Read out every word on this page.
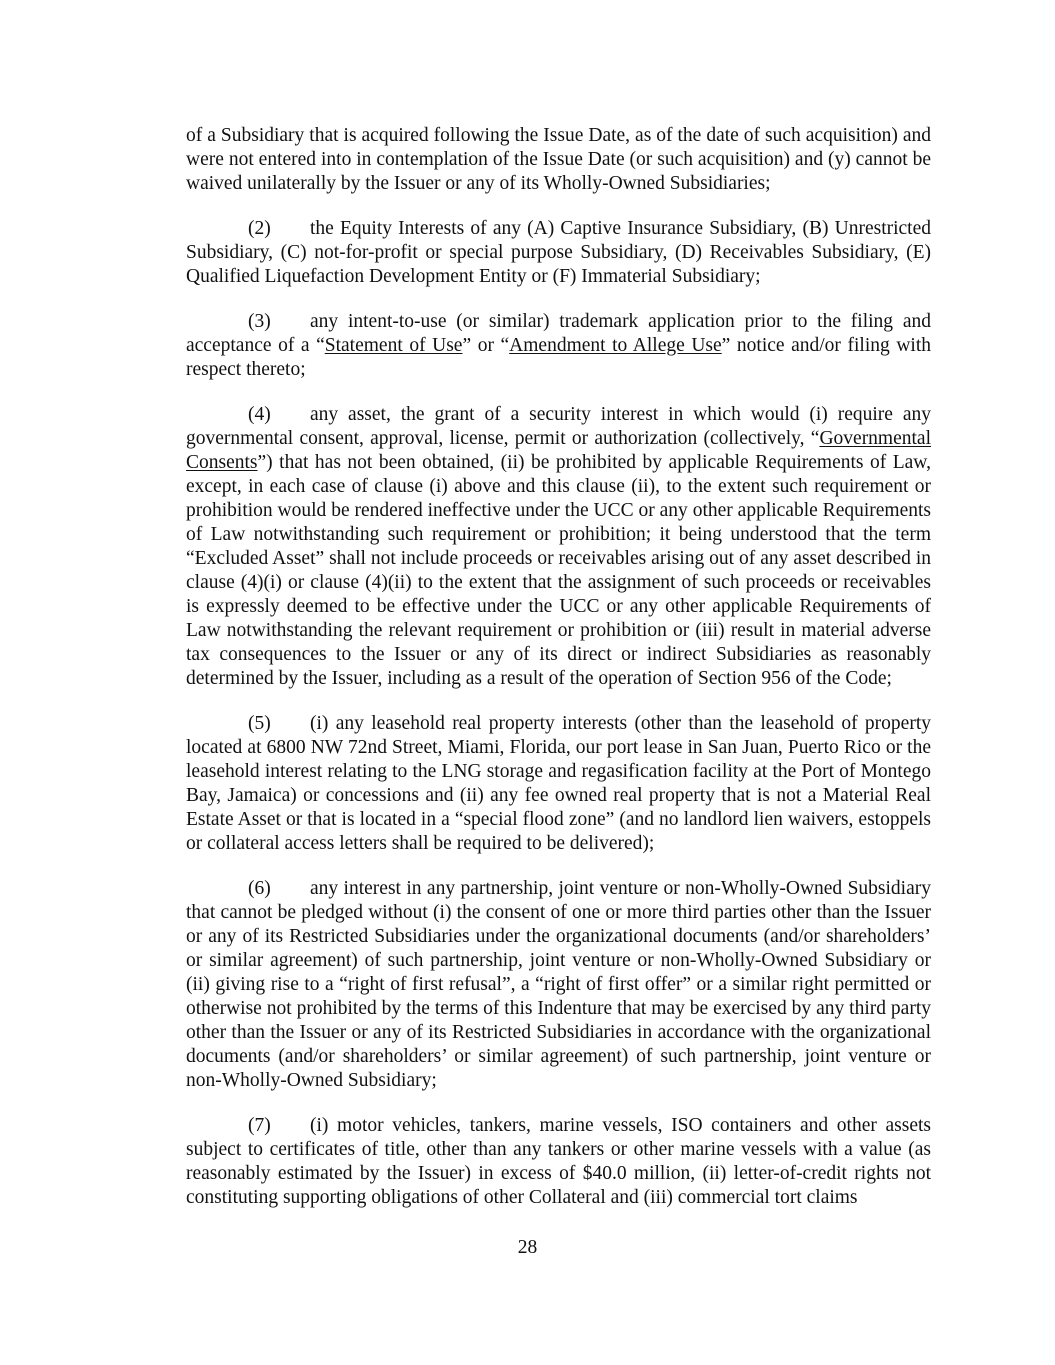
of a Subsidiary that is acquired following the Issue Date, as of the date of such acquisition) and were not entered into in contemplation of the Issue Date (or such acquisition) and (y) cannot be waived unilaterally by the Issuer or any of its Wholly-Owned Subsidiaries;

(2) the Equity Interests of any (A) Captive Insurance Subsidiary, (B) Unrestricted Subsidiary, (C) not-for-profit or special purpose Subsidiary, (D) Receivables Subsidiary, (E) Qualified Liquefaction Development Entity or (F) Immaterial Subsidiary;

(3) any intent-to-use (or similar) trademark application prior to the filing and acceptance of a “Statement of Use” or “Amendment to Allege Use” notice and/or filing with respect thereto;

(4) any asset, the grant of a security interest in which would (i) require any governmental consent, approval, license, permit or authorization (collectively, “Governmental Consents”) that has not been obtained, (ii) be prohibited by applicable Requirements of Law, except, in each case of clause (i) above and this clause (ii), to the extent such requirement or prohibition would be rendered ineffective under the UCC or any other applicable Requirements of Law notwithstanding such requirement or prohibition; it being understood that the term “Excluded Asset” shall not include proceeds or receivables arising out of any asset described in clause (4)(i) or clause (4)(ii) to the extent that the assignment of such proceeds or receivables is expressly deemed to be effective under the UCC or any other applicable Requirements of Law notwithstanding the relevant requirement or prohibition or (iii) result in material adverse tax consequences to the Issuer or any of its direct or indirect Subsidiaries as reasonably determined by the Issuer, including as a result of the operation of Section 956 of the Code;

(5) (i) any leasehold real property interests (other than the leasehold of property located at 6800 NW 72nd Street, Miami, Florida, our port lease in San Juan, Puerto Rico or the leasehold interest relating to the LNG storage and regasification facility at the Port of Montego Bay, Jamaica) or concessions and (ii) any fee owned real property that is not a Material Real Estate Asset or that is located in a “special flood zone” (and no landlord lien waivers, estoppels or collateral access letters shall be required to be delivered);

(6) any interest in any partnership, joint venture or non-Wholly-Owned Subsidiary that cannot be pledged without (i) the consent of one or more third parties other than the Issuer or any of its Restricted Subsidiaries under the organizational documents (and/or shareholders’ or similar agreement) of such partnership, joint venture or non-Wholly-Owned Subsidiary or (ii) giving rise to a “right of first refusal”, a “right of first offer” or a similar right permitted or otherwise not prohibited by the terms of this Indenture that may be exercised by any third party other than the Issuer or any of its Restricted Subsidiaries in accordance with the organizational documents (and/or shareholders’ or similar agreement) of such partnership, joint venture or non-Wholly-Owned Subsidiary;

(7) (i) motor vehicles, tankers, marine vessels, ISO containers and other assets subject to certificates of title, other than any tankers or other marine vessels with a value (as reasonably estimated by the Issuer) in excess of $40.0 million, (ii) letter-of-credit rights not constituting supporting obligations of other Collateral and (iii) commercial tort claims

28
